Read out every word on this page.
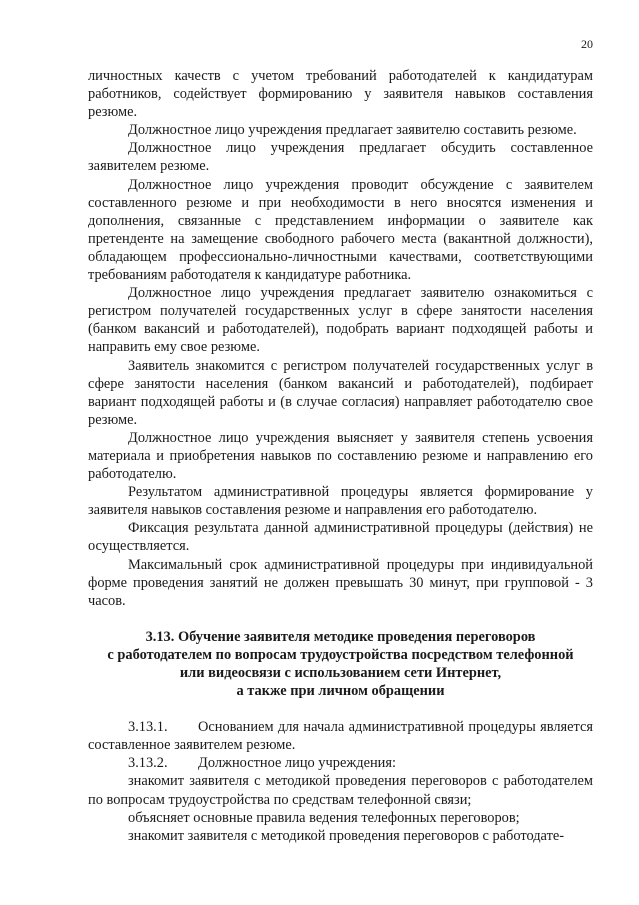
20

личностных качеств с учетом требований работодателей к кандидатурам работников, содействует формированию у заявителя навыков составления резюме.

Должностное лицо учреждения предлагает заявителю составить резюме.

Должностное лицо учреждения предлагает обсудить составленное заявителем резюме.

Должностное лицо учреждения проводит обсуждение с заявителем составленного резюме и при необходимости в него вносятся изменения и дополнения, связанные с представлением информации о заявителе как претенденте на замещение свободного рабочего места (вакантной должности), обладающем профессионально-личностными качествами, соответствующими требованиям работодателя к кандидатуре работника.

Должностное лицо учреждения предлагает заявителю ознакомиться с регистром получателей государственных услуг в сфере занятости населения (банком вакансий и работодателей), подобрать вариант подходящей работы и направить ему свое резюме.

Заявитель знакомится с регистром получателей государственных услуг в сфере занятости населения (банком вакансий и работодателей), подбирает вариант подходящей работы и (в случае согласия) направляет работодателю свое резюме.

Должностное лицо учреждения выясняет у заявителя степень усвоения материала и приобретения навыков по составлению резюме и направлению его работодателю.

Результатом административной процедуры является формирование у заявителя навыков составления резюме и направления его работодателю.

Фиксация результата данной административной процедуры (действия) не осуществляется.

Максимальный срок административной процедуры при индивидуальной форме проведения занятий не должен превышать 30 минут, при групповой - 3 часов.

3.13. Обучение заявителя методике проведения переговоров
с работодателем по вопросам трудоустройства посредством телефонной
или видеосвязи с использованием сети Интернет,
а также при личном обращении

3.13.1. Основанием для начала административной процедуры является составленное заявителем резюме.

3.13.2. Должностное лицо учреждения:

знакомит заявителя с методикой проведения переговоров с работодателем по вопросам трудоустройства по средствам телефонной связи;

объясняет основные правила ведения телефонных переговоров;

знакомит заявителя с методикой проведения переговоров с работодате-
